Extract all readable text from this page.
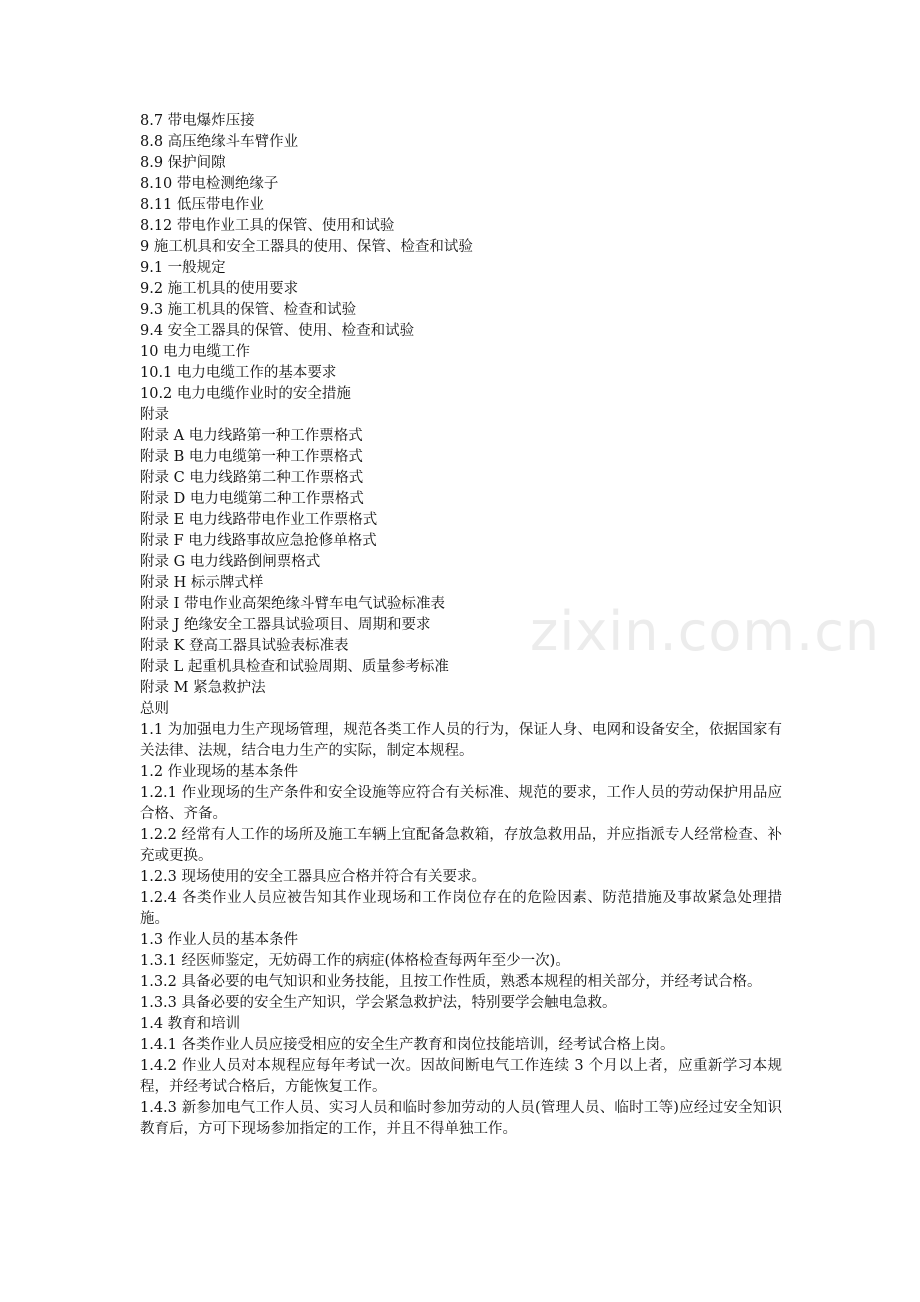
zixin.com.cn
8.7 带电爆炸压接
8.8 高压绝缘斗车臂作业
8.9 保护间隙
8.10 带电检测绝缘子
8.11 低压带电作业
8.12 带电作业工具的保管、使用和试验
9 施工机具和安全工器具的使用、保管、检查和试验
9.1 一般规定
9.2 施工机具的使用要求
9.3 施工机具的保管、检查和试验
9.4 安全工器具的保管、使用、检查和试验
10 电力电缆工作
10.1 电力电缆工作的基本要求
10.2 电力电缆作业时的安全措施
附录
附录 A 电力线路第一种工作票格式
附录 B 电力电缆第一种工作票格式
附录 C 电力线路第二种工作票格式
附录 D 电力电缆第二种工作票格式
附录 E 电力线路带电作业工作票格式
附录 F 电力线路事故应急抢修单格式
附录 G 电力线路倒闸票格式
附录 H 标示牌式样
附录 I 带电作业高架绝缘斗臂车电气试验标准表
附录 J 绝缘安全工器具试验项目、周期和要求
附录 K 登高工器具试验表标准表
附录 L 起重机具检查和试验周期、质量参考标准
附录 M 紧急救护法
总则
1.1 为加强电力生产现场管理，规范各类工作人员的行为，保证人身、电网和设备安全，依据国家有关法律、法规，结合电力生产的实际，制定本规程。
1.2 作业现场的基本条件
1.2.1 作业现场的生产条件和安全设施等应符合有关标准、规范的要求，工作人员的劳动保护用品应合格、齐备。
1.2.2 经常有人工作的场所及施工车辆上宜配备急救箱，存放急救用品，并应指派专人经常检查、补充或更换。
1.2.3 现场使用的安全工器具应合格并符合有关要求。
1.2.4 各类作业人员应被告知其作业现场和工作岗位存在的危险因素、防范措施及事故紧急处理措施。
1.3 作业人员的基本条件
1.3.1 经医师鉴定，无妨碍工作的病症(体格检查每两年至少一次)。
1.3.2 具备必要的电气知识和业务技能，且按工作性质，熟悉本规程的相关部分，并经考试合格。
1.3.3 具备必要的安全生产知识，学会紧急救护法，特别要学会触电急救。
1.4 教育和培训
1.4.1 各类作业人员应接受相应的安全生产教育和岗位技能培训，经考试合格上岗。
1.4.2 作业人员对本规程应每年考试一次。因故间断电气工作连续 3 个月以上者，应重新学习本规程，并经考试合格后，方能恢复工作。
1.4.3 新参加电气工作人员、实习人员和临时参加劳动的人员(管理人员、临时工等)应经过安全知识教育后，方可下现场参加指定的工作，并且不得单独工作。
